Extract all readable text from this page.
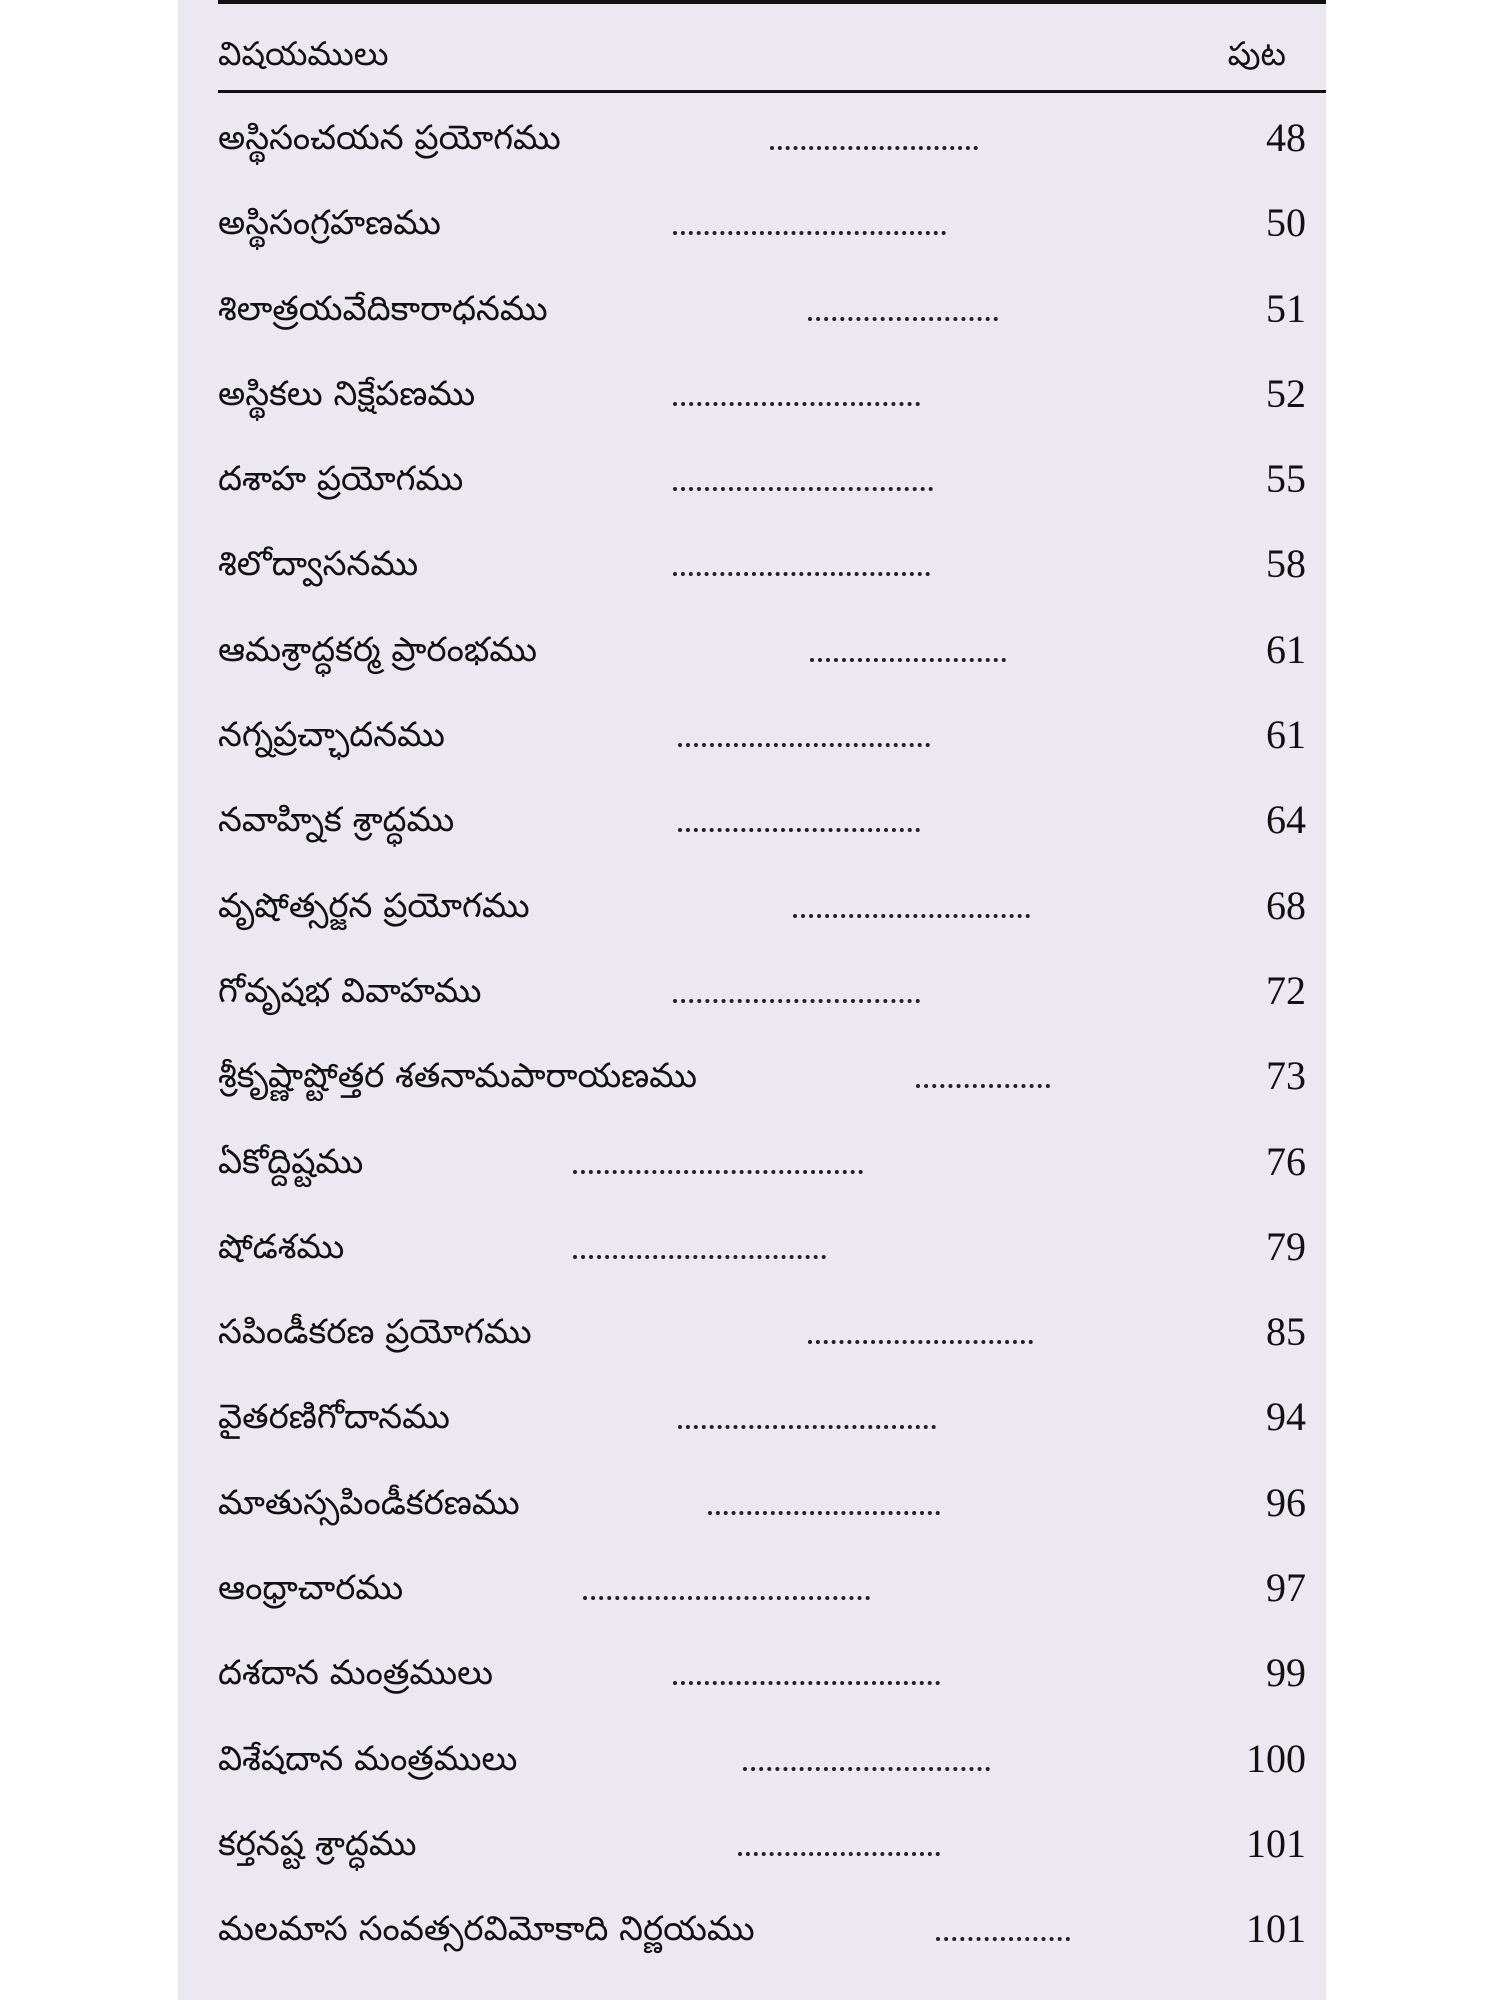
విషయములు	పుట
అస్థిసంచయన ప్రయోగము	48
అస్థిసంగ్రహణము	50
శిలాత్రయవేదికారాధనము	51
అస్థికలు నిక్షేపణము	52
దశాహ ప్రయోగము	55
శిలోద్వాసనము	58
ఆమశ్రాద్ధకర్మ ప్రారంభము	61
నగ్నప్రచ్ఛాదనము	61
నవాహ్నిక శ్రాద్ధము	64
వృషోత్సర్జన ప్రయోగము	68
గోవృషభ వివాహము	72
శ్రీకృష్ణాష్టోత్తర శతనామపారాయణము	73
ఏకోద్దిష్టము	76
షోడశము	79
సపిండీకరణ ప్రయోగము	85
వైతరణిగోదానము	94
మాతుస్సపిండీకరణము	96
ఆంధ్రాచారము	97
దశదాన మంత్రములు	99
విశేషదాన మంత్రములు	100
కర్తనష్ట శ్రాద్ధము	101
మలమాస సంవత్సరవిమోకాది నిర్ణయము	101
